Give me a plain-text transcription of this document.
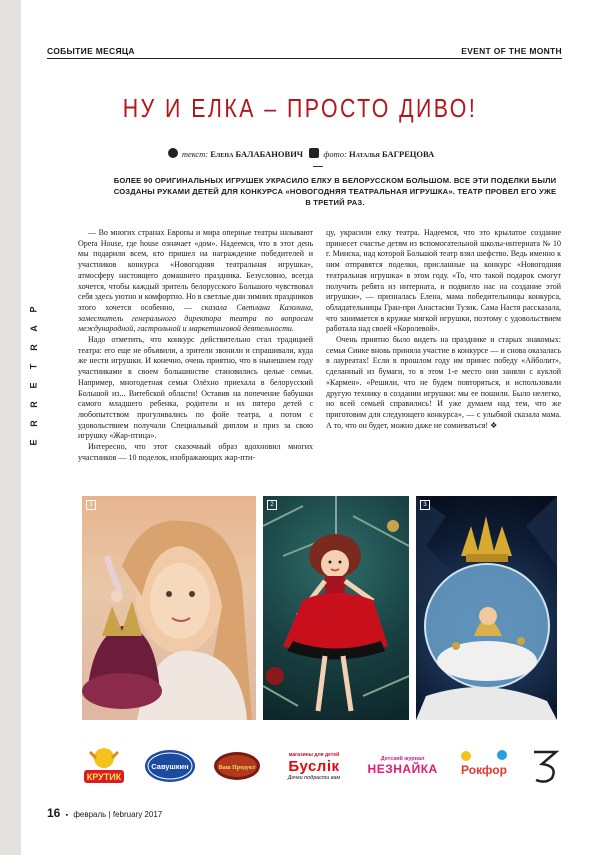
P
A
R
T
E
R
R
E
СОБЫТИЕ МЕСЯЦА	EVENT OF THE MONTH
НУ И ЕЛКА – ПРОСТО ДИВО!
текст: Елена БАЛАБАНОВИЧ фото: Наталья БАГРЕЦОВА
БОЛЕЕ 90 ОРИГИНАЛЬНЫХ ИГРУШЕК УКРАСИЛО ЕЛКУ В БЕЛОРУССКОМ БОЛЬШОМ. ВСЕ ЭТИ ПОДЕЛКИ БЫЛИ СОЗДАНЫ РУКАМИ ДЕТЕЙ ДЛЯ КОНКУРСА «НОВОГОДНЯЯ ТЕАТРАЛЬНАЯ ИГРУШКА». ТЕАТР ПРОВЕЛ ЕГО УЖЕ В ТРЕТИЙ РАЗ.

— Во многих странах Европы и мира оперные театры называют Opera House, где house означает «дом». Надеемся, что в этот день мы подарили всем, кто пришел на награждение победителей и участников конкурса «Новогодняя театральная игрушка», атмосферу настоящего домашнего праздника. Безусловно, всегда хочется, чтобы каждый зритель белорусского Большого чувствовал себя здесь уютно и комфортно. Но в светлые дни зимних праздников этого хочется особенно, — сказала Светлана Казолина, заместитель генерального директора театра по вопросам международной, гастрольной и маркетинговой деятельности.

Надо отметить, что конкурс действительно стал традицией театра: его еще не объявили, а зрители звонили и спрашивали, куда же нести игрушки. И конечно, очень приятно, что в нынешнем году участниками в своем большинстве становились целые семьи. Например, многодетная семья Олёхно приехала в белорусский Большой из... Витебской области! Оставив на попечение бабушки самого младшего ребенка, родители и их пятеро детей с любопытством прогуливались по фойе театра, а потом с удовольствием получали Специальный диплом и приз за свою игрушку «Жар-птица».

Интересно, что этот сказочный образ вдохновил многих участников — 10 поделок, изображающих жар-пти-

цу, украсили елку театра. Надеемся, что это крылатое создание принесет счастье детям из вспомогательной школы-интерната № 10 г. Минска, над которой Большой театр взял шефство. Ведь именно к ним отправятся поделки, присланные на конкурс «Новогодняя театральная игрушка» в этом году. «То, что такой подарок смогут получить ребята из интерната, и подвигло нас на создание этой игрушки», — призналась Елена, мама победительницы конкурса, обладательницы Гран-при Анастасии Тузик. Сама Настя рассказала, что занимается в кружке мягкой игрушки, поэтому с удовольствием работала над своей «Королевой».

Очень приятно было видеть на празднике и старых знакомых: семья Синке вновь приняла участие в конкурсе — и снова оказалась в лауреатах! Если в прошлом году им принес победу «Айболит», сделанный из бумаги, то в этом 1-е место они заняли с куклой «Кармен». «Решили, что не будем повторяться, и использовали другую технику в создании игрушки: мы ее пошили. Было нелегко, но всей семьей справились! И уже думаем над тем, что же приготовим для следующего конкурса», — с улыбкой сказала мама. А то, что он будет, можно даже не сомневаться! ❖

1	2	3
КРУТИК
Савушкин	Ваш Продукт
магазины для детей
Буслiк
Дочки подрасти вам
Детский журнал
НЕЗНАЙКА Рокфор
16 ▪ февраль | february 2017
